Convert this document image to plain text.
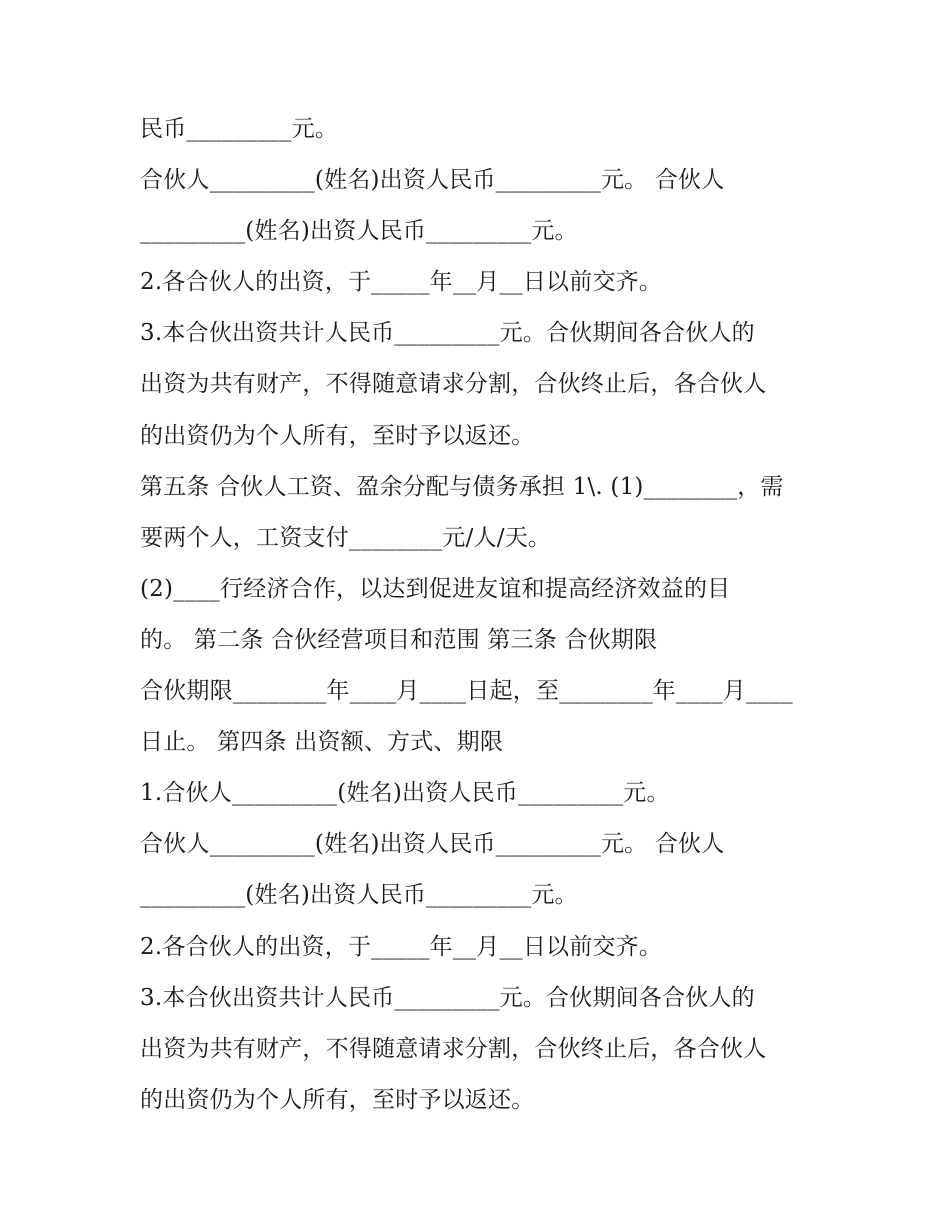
民币_________元。
合伙人_________(姓名)出资人民币_________元。 合伙人
_________(姓名)出资人民币_________元。
2.各合伙人的出资，于_____年__月__日以前交齐。
3.本合伙出资共计人民币_________元。合伙期间各合伙人的
出资为共有财产，不得随意请求分割，合伙终止后，各合伙人
的出资仍为个人所有，至时予以返还。
第五条 合伙人工资、盈余分配与债务承担 1\. (1)________，需
要两个人，工资支付________元/人/天。
(2)____行经济合作，以达到促进友谊和提高经济效益的目
的。 第二条 合伙经营项目和范围 第三条 合伙期限
合伙期限________年____月____日起，至________年____月____
日止。 第四条 出资额、方式、期限
1.合伙人_________(姓名)出资人民币_________元。
合伙人_________(姓名)出资人民币_________元。 合伙人
_________(姓名)出资人民币_________元。
2.各合伙人的出资，于_____年__月__日以前交齐。
3.本合伙出资共计人民币_________元。合伙期间各合伙人的
出资为共有财产，不得随意请求分割，合伙终止后，各合伙人
的出资仍为个人所有，至时予以返还。
